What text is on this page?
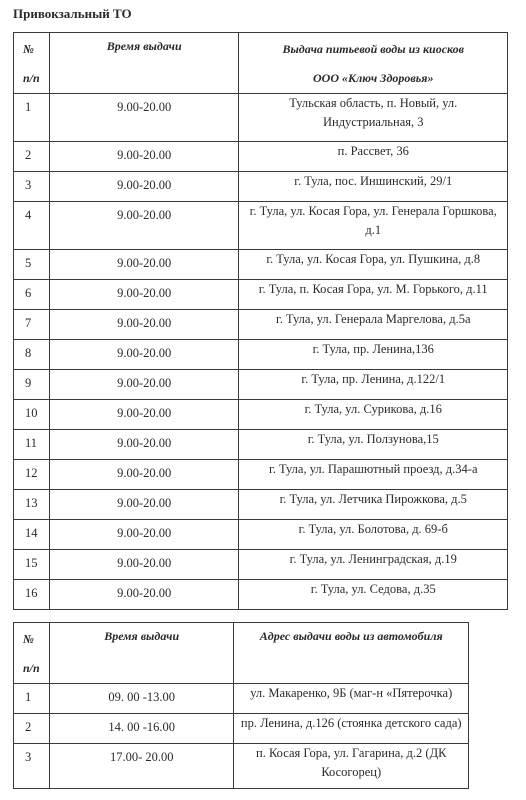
Привокзальный ТО
№
п/п	Время выдачи	Выдача питьевой воды из киосков
ООО «Ключ Здоровья»

1	9.00-20.00	Тульская область, п. Новый, ул. Индустриальная, 3
2	9.00-20.00	п. Рассвет, 36
3	9.00-20.00	г. Тула, пос. Иншинский, 29/1
4	9.00-20.00	г. Тула, ул. Косая Гора, ул. Генерала Горшкова, д.1
5	9.00-20.00	г. Тула, ул. Косая Гора, ул. Пушкина, д.8
6	9.00-20.00	г. Тула, п. Косая Гора, ул. М. Горького, д.11
7	9.00-20.00	г. Тула, ул. Генерала Маргелова, д.5а
8	9.00-20.00	г. Тула, пр. Ленина,136
9	9.00-20.00	г. Тула, пр. Ленина, д.122/1
10	9.00-20.00	г. Тула, ул. Сурикова, д.16
11	9.00-20.00	г. Тула, ул. Ползунова,15
12	9.00-20.00	г. Тула, ул. Парашютный проезд, д.34-а
13	9.00-20.00	г. Тула, ул. Летчика Пирожкова, д.5
14	9.00-20.00	г. Тула, ул. Болотова, д. 69-б
15	9.00-20.00	г. Тула, ул. Ленинградская, д.19
16	9.00-20.00	г. Тула, ул. Седова, д.35
№
п/п	Время выдачи	Адрес выдачи воды из автомобиля
1	09. 00 -13.00	ул. Макаренко, 9Б (маг-н «Пятерочка)
2	14. 00 -16.00	пр. Ленина, д.126 (стоянка детского сада)
3	17.00- 20.00	п. Косая Гора, ул. Гагарина, д.2 (ДК Косогорец)
